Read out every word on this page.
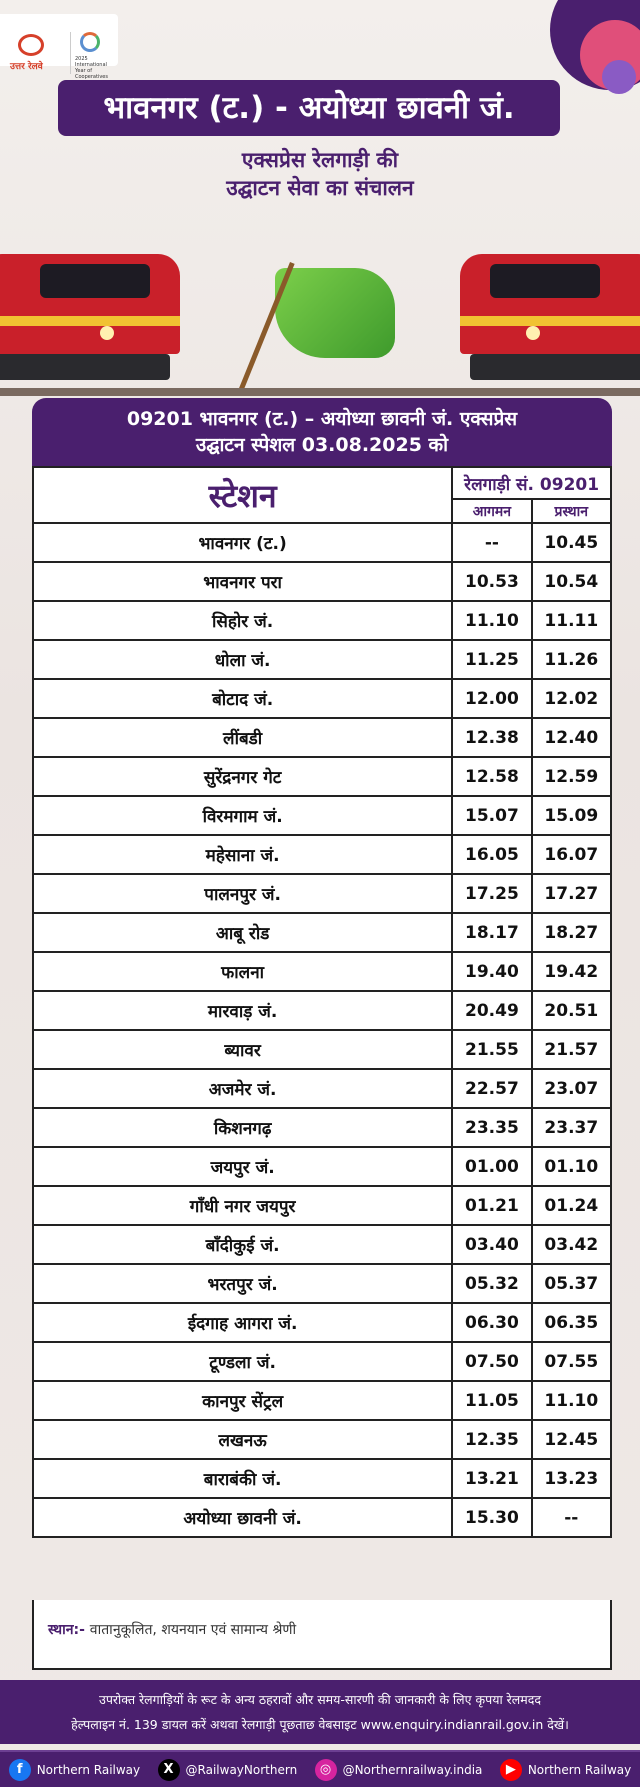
उत्तर रेलवे
2025
International Year of Cooperatives
भावनगर (ट.) - अयोध्या छावनी जं.
एक्सप्रेस रेलगाड़ी की
उद्घाटन सेवा का संचालन
09201 भावनगर (ट.) – अयोध्या छावनी जं. एक्सप्रेस
उद्घाटन स्पेशल 03.08.2025 को
स्टेशन	रेलगाड़ी सं. 09201	
	आगमन	प्रस्थान
भावनगर (ट.)	--	10.45
भावनगर परा	10.53	10.54
सिहोर जं.	11.10	11.11
धोला जं.	11.25	11.26
बोटाद जं.	12.00	12.02
लींबडी	12.38	12.40
सुरेंद्रनगर गेट	12.58	12.59
विरमगाम जं.	15.07	15.09
महेसाना जं.	16.05	16.07
पालनपुर जं.	17.25	17.27
आबू रोड	18.17	18.27
फालना	19.40	19.42
मारवाड़ जं.	20.49	20.51
ब्यावर	21.55	21.57
अजमेर जं.	22.57	23.07
किशनगढ़	23.35	23.37
जयपुर जं.	01.00	01.10
गाँधी नगर जयपुर	01.21	01.24
बाँदीकुई जं.	03.40	03.42
भरतपुर जं.	05.32	05.37
ईदगाह आगरा जं.	06.30	06.35
टूण्डला जं.	07.50	07.55
कानपुर सेंट्रल	11.05	11.10
लखनऊ	12.35	12.45
बाराबंकी जं.	13.21	13.23
अयोध्या छावनी जं.	15.30	--
स्थान:- वातानुकूलित, शयनयान एवं सामान्य श्रेणी
उपरोक्त रेलगाड़ियों के रूट के अन्य ठहरावों और समय-सारणी की जानकारी के लिए कृपया रेलमदद
हेल्पलाइन नं. 139 डायल करें अथवा रेलगाड़ी पूछताछ वेबसाइट www.enquiry.indianrail.gov.in देखें।
f	Northern Railway	X @RailwayNorthern	◎ @Northernrailway.india	▶	Northern Railway
